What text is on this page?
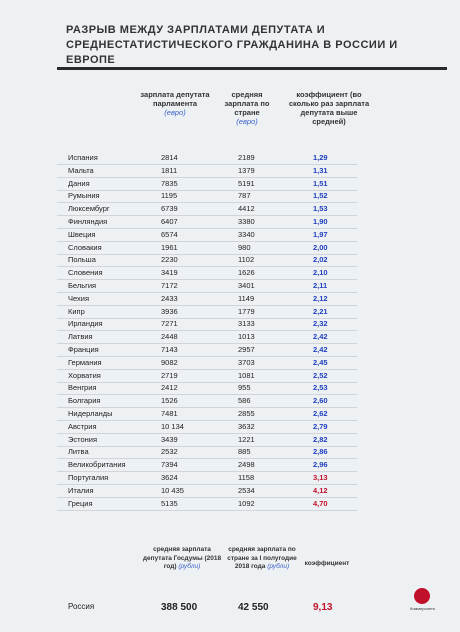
РАЗРЫВ МЕЖДУ ЗАРПЛАТАМИ ДЕПУТАТА И СРЕДНЕСТАТИСТИЧЕСКОГО ГРАЖДАНИНА В РОССИИ И ЕВРОПЕ
зарплата депутата парламента
(евро)
средняя зарплата по стране
(евро)
коэффициент (во сколько раз зарплата депутата выше средней)
Испания	2814	2189	1,29
Мальта	1811	1379	1,31
Дания	7835	5191	1,51
Румыния	1195	787	1,52
Люксембург	6739	4412	1,53
Финляндия	6407	3380	1,90
Швеция	6574	3340	1,97
Словакия	1961	980	2,00
Польша	2230	1102	2,02
Словения	3419	1626	2,10
Бельгия	7172	3401	2,11
Чехия	2433	1149	2,12
Кипр	3936	1779	2,21
Ирландия	7271	3133	2,32
Латвия	2448	1013	2,42
Франция	7143	2957	2,42
Германия	9082	3703	2,45
Хорватия	2719	1081	2,52
Венгрия	2412	955	2,53
Болгария	1526	586	2,60
Нидерланды	7481	2855	2,62
Австрия	10 134	3632	2,79
Эстония	3439	1221	2,82
Литва	2532	885	2,86
Великобритания	7394	2498	2,96
Португалия	3624	1158	3,13
Италия	10 435	2534	4,12
Греция	5135	1092	4,70
средняя зарплата депутата Госдумы (2018 год) (рубли)
средняя зарплата по стране за I полугодие 2018 года (рубли)	коэффициент
Россия	388 500	42 550	9,13	Коммерсантъ
